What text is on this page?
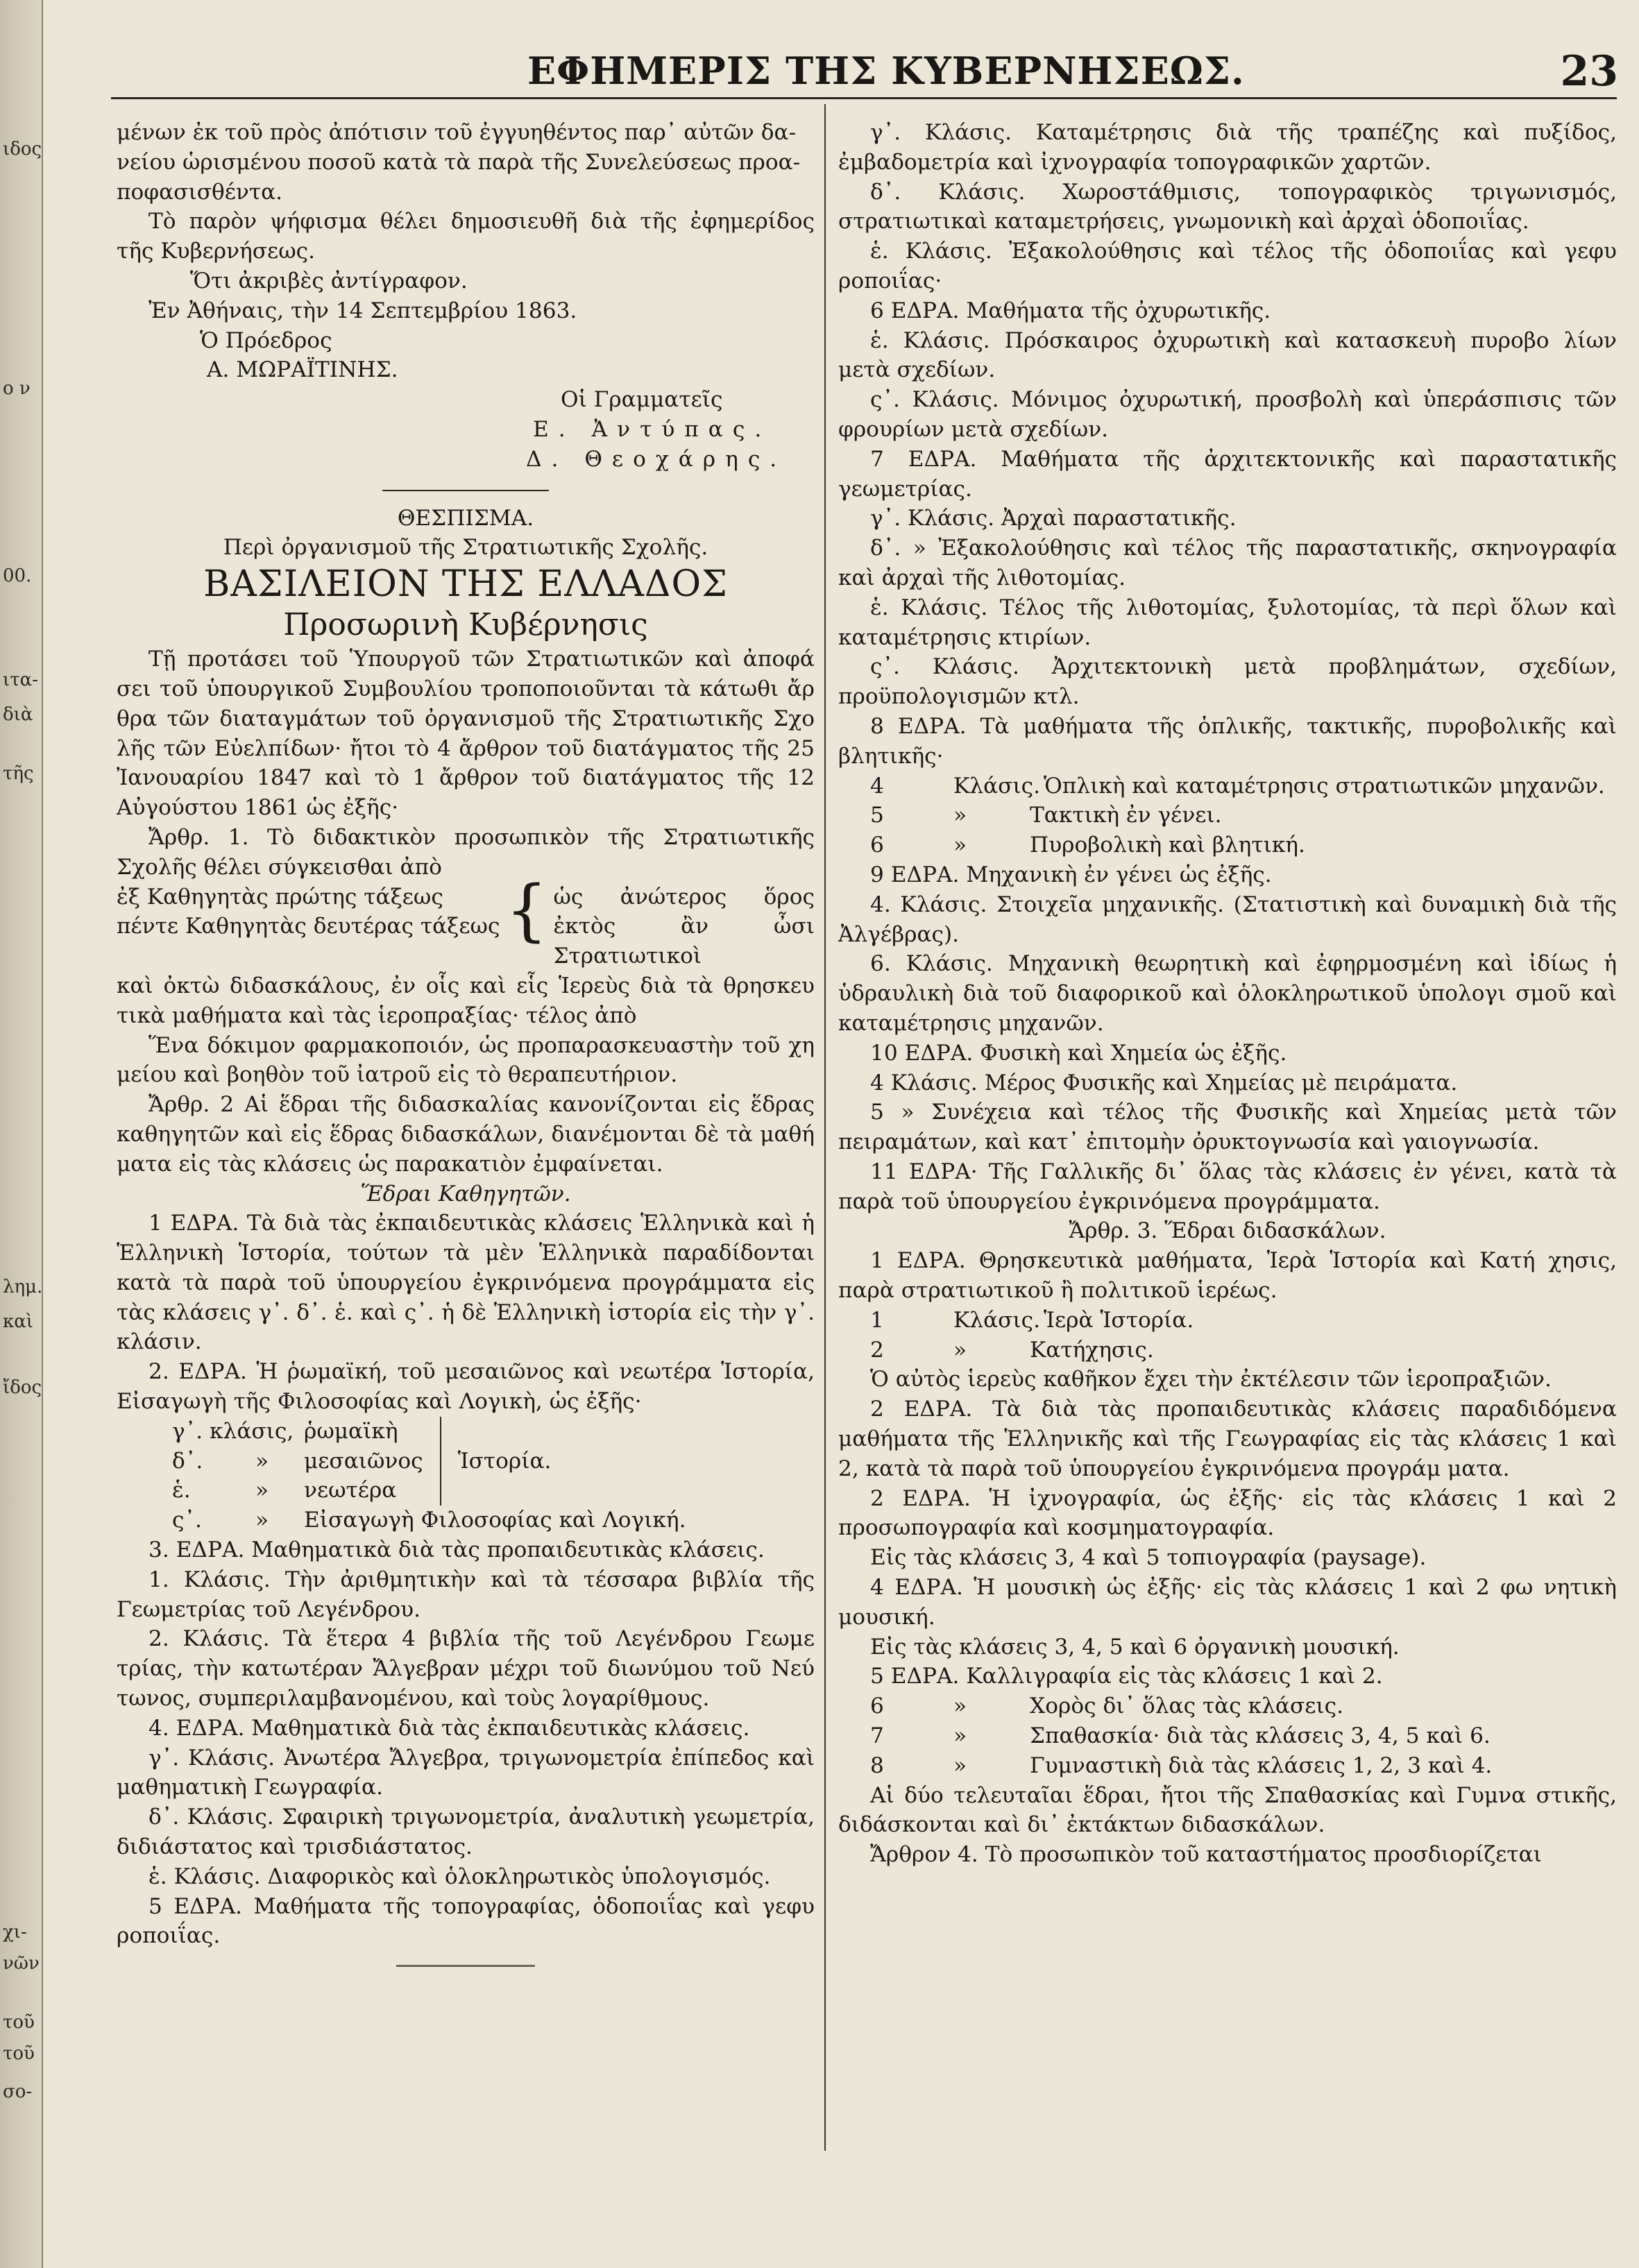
ιδος
ο ν
00.
ιτα-
διὰ
τῆς
λημ.
καὶ
ἴδος
χι-
νῶν
τοῦ
τοῦ
σο-
ΕΦΗΜΕΡΙΣ ΤΗΣ ΚΥΒΕΡΝΗΣΕΩΣ.	23

μένων ἐκ τοῦ πρὸς ἀπότισιν τοῦ ἐγγυηθέντος παρ᾽ αὐτῶν δα-

νείου ὡρισμένου ποσοῦ κατὰ τὰ παρὰ τῆς Συνελεύσεως προα-

ποφασισθέντα.

Τὸ παρὸν ψήφισμα θέλει δημοσιευθῆ διὰ τῆς ἐφημερίδος τῆς Κυβερνήσεως.

Ὅτι ἀκριβὲς ἀντίγραφον.

Ἐν Ἀθήναις, τὴν 14 Σεπτεμβρίου 1863.

Ὁ Πρόεδρος

Α. ΜΩΡΑΪΤΙΝΗΣ.

Οἱ Γραμματεῖς

Ε. Ἀντύπας.

Δ. Θεοχάρης.

ΘΕΣΠΙΣΜΑ.

Περὶ ὀργανισμοῦ τῆς Στρατιωτικῆς Σχολῆς.

ΒΑΣΙΛΕΙΟΝ ΤΗΣ ΕΛΛΑΔΟΣ

Προσωρινὴ Κυβέρνησις

Τῇ προτάσει τοῦ Ὑπουργοῦ τῶν Στρατιωτικῶν καὶ ἀποφά σει τοῦ ὑπουργικοῦ Συμβουλίου τροποποιοῦνται τὰ κάτωθι ἄρ θρα τῶν διαταγμάτων τοῦ ὀργανισμοῦ τῆς Στρατιωτικῆς Σχο λῆς τῶν Εὐελπίδων· ἤτοι τὸ 4 ἄρθρον τοῦ διατάγματος τῆς 25 Ἰανουαρίου 1847 καὶ τὸ 1 ἄρθρον τοῦ διατάγματος τῆς 12 Αὐγούστου 1861 ὡς ἐξῆς·

Ἄρθρ. 1. Τὸ διδακτικὸν προσωπικὸν τῆς Στρατιωτικῆς Σχολῆς θέλει σύγκεισθαι ἀπὸ

ἐξ Καθηγητὰς πρώτης τάξεως

πέντε Καθηγητὰς δευτέρας τάξεως { ὡς ἀνώτερος ὅρος ἐκτὸς ἂν ὦσι Στρατιωτικοὶ

καὶ ὀκτὼ διδασκάλους, ἐν οἷς καὶ εἷς Ἱερεὺς διὰ τὰ θρησκευ τικὰ μαθήματα καὶ τὰς ἱεροπραξίας· τέλος ἀπὸ

Ἕνα δόκιμον φαρμακοποιόν, ὡς προπαρασκευαστὴν τοῦ χη μείου καὶ βοηθὸν τοῦ ἰατροῦ εἰς τὸ θεραπευτήριον.

Ἄρθρ. 2 Αἱ ἕδραι τῆς διδασκαλίας κανονίζονται εἰς ἕδρας καθηγητῶν καὶ εἰς ἕδρας διδασκάλων, διανέμονται δὲ τὰ μαθή ματα εἰς τὰς κλάσεις ὡς παρακατιὸν ἐμφαίνεται.

Ἕδραι Καθηγητῶν.

1 ΕΔΡΑ. Τὰ διὰ τὰς ἐκπαιδευτικὰς κλάσεις Ἑλληνικὰ καὶ ἡ Ἑλληνικὴ Ἱστορία, τούτων τὰ μὲν Ἑλληνικὰ παραδίδονται κατὰ τὰ παρὰ τοῦ ὑπουργείου ἐγκρινόμενα προγράμματα εἰς τὰς κλάσεις γ᾽. δ᾽. ἑ. καὶ ς᾽. ἡ δὲ Ἑλληνικὴ ἱστορία εἰς τὴν γ᾽. κλάσιν.

2. ΕΔΡΑ. Ἡ ῥωμαϊκή, τοῦ μεσαιῶνος καὶ νεωτέρα Ἱστορία, Εἰσαγωγὴ τῆς Φιλοσοφίας καὶ Λογικὴ, ὡς ἐξῆς·

γ᾽. κλάσις, ῥωμαϊκὴ
δ᾽.	»	μεσαιῶνος
ἑ.	»	νεωτέρα
Ἱστορία.
ς᾽.	»	Εἰσαγωγὴ Φιλοσοφίας καὶ Λογική.

3. ΕΔΡΑ. Μαθηματικὰ διὰ τὰς προπαιδευτικὰς κλάσεις.

1. Κλάσις. Τὴν ἀριθμητικὴν καὶ τὰ τέσσαρα βιβλία τῆς Γεωμετρίας τοῦ Λεγένδρου.

2. Κλάσις. Τὰ ἕτερα 4 βιβλία τῆς τοῦ Λεγένδρου Γεωμε τρίας, τὴν κατωτέραν Ἄλγεβραν μέχρι τοῦ διωνύμου τοῦ Νεύ τωνος, συμπεριλαμβανομένου, καὶ τοὺς λογαρίθμους.

4. ΕΔΡΑ. Μαθηματικὰ διὰ τὰς ἐκπαιδευτικὰς κλάσεις.

γ᾽. Κλάσις. Ἀνωτέρα Ἄλγεβρα, τριγωνομετρία ἐπίπεδος καὶ μαθηματικὴ Γεωγραφία.

δ᾽. Κλάσις. Σφαιρικὴ τριγωνομετρία, ἀναλυτικὴ γεωμετρία, διδιάστατος καὶ τρισδιάστατος.

ἑ. Κλάσις. Διαφορικὸς καὶ ὁλοκληρωτικὸς ὑπολογισμός.

5 ΕΔΡΑ. Μαθήματα τῆς τοπογραφίας, ὁδοποιΐας καὶ γεφυ ροποιΐας.

γ᾽. Κλάσις. Καταμέτρησις διὰ τῆς τραπέζης καὶ πυξίδος, ἐμβαδομετρία καὶ ἰχνογραφία τοπογραφικῶν χαρτῶν.

δ᾽. Κλάσις. Χωροστάθμισις, τοπογραφικὸς τριγωνισμός, στρατιωτικαὶ καταμετρήσεις, γνωμονικὴ καὶ ἀρχαὶ ὁδοποιΐας.

ἑ. Κλάσις. Ἐξακολούθησις καὶ τέλος τῆς ὁδοποιΐας καὶ γεφυ ροποιΐας·

6 ΕΔΡΑ. Μαθήματα τῆς ὀχυρωτικῆς.

ἑ. Κλάσις. Πρόσκαιρος ὀχυρωτικὴ καὶ κατασκευὴ πυροβο λίων μετὰ σχεδίων.

ς᾽. Κλάσις. Μόνιμος ὀχυρωτική, προσβολὴ καὶ ὑπεράσπισις τῶν φρουρίων μετὰ σχεδίων.

7 ΕΔΡΑ. Μαθήματα τῆς ἀρχιτεκτονικῆς καὶ παραστατικῆς γεωμετρίας.

γ᾽. Κλάσις. Ἀρχαὶ παραστατικῆς.

δ᾽. » Ἐξακολούθησις καὶ τέλος τῆς παραστατικῆς, σκηνογραφία καὶ ἀρχαὶ τῆς λιθοτομίας.

ἑ. Κλάσις. Τέλος τῆς λιθοτομίας, ξυλοτομίας, τὰ περὶ ὅλων καὶ καταμέτρησις κτιρίων.

ς᾽. Κλάσις. Ἀρχιτεκτονικὴ μετὰ προβλημάτων, σχεδίων, προϋπολογισμῶν κτλ.

8 ΕΔΡΑ. Τὰ μαθήματα τῆς ὁπλικῆς, τακτικῆς, πυροβολικῆς καὶ βλητικῆς·

4	Κλάσις. Ὁπλικὴ καὶ καταμέτρησις στρατιωτικῶν μηχανῶν.
5	»	Τακτικὴ ἐν γένει.
6	»	Πυροβολικὴ καὶ βλητική.

9 ΕΔΡΑ. Μηχανικὴ ἐν γένει ὡς ἐξῆς.

4. Κλάσις. Στοιχεῖα μηχανικῆς. (Στατιστικὴ καὶ δυναμικὴ διὰ τῆς Ἀλγέβρας).

6. Κλάσις. Μηχανικὴ θεωρητικὴ καὶ ἐφηρμοσμένη καὶ ἰδίως ἡ ὑδραυλικὴ διὰ τοῦ διαφορικοῦ καὶ ὁλοκληρωτικοῦ ὑπολογι σμοῦ καὶ καταμέτρησις μηχανῶν.

10 ΕΔΡΑ. Φυσικὴ καὶ Χημεία ὡς ἐξῆς.

4 Κλάσις. Μέρος Φυσικῆς καὶ Χημείας μὲ πειράματα.

5 » Συνέχεια καὶ τέλος τῆς Φυσικῆς καὶ Χημείας μετὰ τῶν πειραμάτων, καὶ κατ᾽ ἐπιτομὴν ὀρυκτογνωσία καὶ γαιογνωσία.

11 ΕΔΡΑ· Τῆς Γαλλικῆς δι᾽ ὅλας τὰς κλάσεις ἐν γένει, κατὰ τὰ παρὰ τοῦ ὑπουργείου ἐγκρινόμενα προγράμματα.

Ἄρθρ. 3. Ἕδραι διδασκάλων.

1 ΕΔΡΑ. Θρησκευτικὰ μαθήματα, Ἱερὰ Ἱστορία καὶ Κατή χησις, παρὰ στρατιωτικοῦ ἢ πολιτικοῦ ἱερέως.

1	Κλάσις. Ἱερὰ Ἱστορία.
2	»	Κατήχησις.

Ὁ αὐτὸς ἱερεὺς καθῆκον ἔχει τὴν ἐκτέλεσιν τῶν ἱεροπραξιῶν.

2 ΕΔΡΑ. Τὰ διὰ τὰς προπαιδευτικὰς κλάσεις παραδιδόμενα μαθήματα τῆς Ἑλληνικῆς καὶ τῆς Γεωγραφίας εἰς τὰς κλάσεις 1 καὶ 2, κατὰ τὰ παρὰ τοῦ ὑπουργείου ἐγκρινόμενα προγράμ ματα.

2 ΕΔΡΑ. Ἡ ἰχνογραφία, ὡς ἐξῆς· εἰς τὰς κλάσεις 1 καὶ 2 προσωπογραφία καὶ κοσμηματογραφία.

Εἰς τὰς κλάσεις 3, 4 καὶ 5 τοπιογραφία (paysage).

4 ΕΔΡΑ. Ἡ μουσικὴ ὡς ἐξῆς· εἰς τὰς κλάσεις 1 καὶ 2 φω νητικὴ μουσική.

Εἰς τὰς κλάσεις 3, 4, 5 καὶ 6 ὀργανικὴ μουσική.

5 ΕΔΡΑ. Καλλιγραφία εἰς τὰς κλάσεις 1 καὶ 2.

6	»	Χορὸς δι᾽ ὅλας τὰς κλάσεις.
7	»	Σπαθασκία· διὰ τὰς κλάσεις 3, 4, 5 καὶ 6.
8	»	Γυμναστικὴ διὰ τὰς κλάσεις 1, 2, 3 καὶ 4.

Αἱ δύο τελευταῖαι ἕδραι, ἤτοι τῆς Σπαθασκίας καὶ Γυμνα στικῆς, διδάσκονται καὶ δι᾽ ἐκτάκτων διδασκάλων.

Ἄρθρον 4. Τὸ προσωπικὸν τοῦ καταστήματος προσδιορίζεται
